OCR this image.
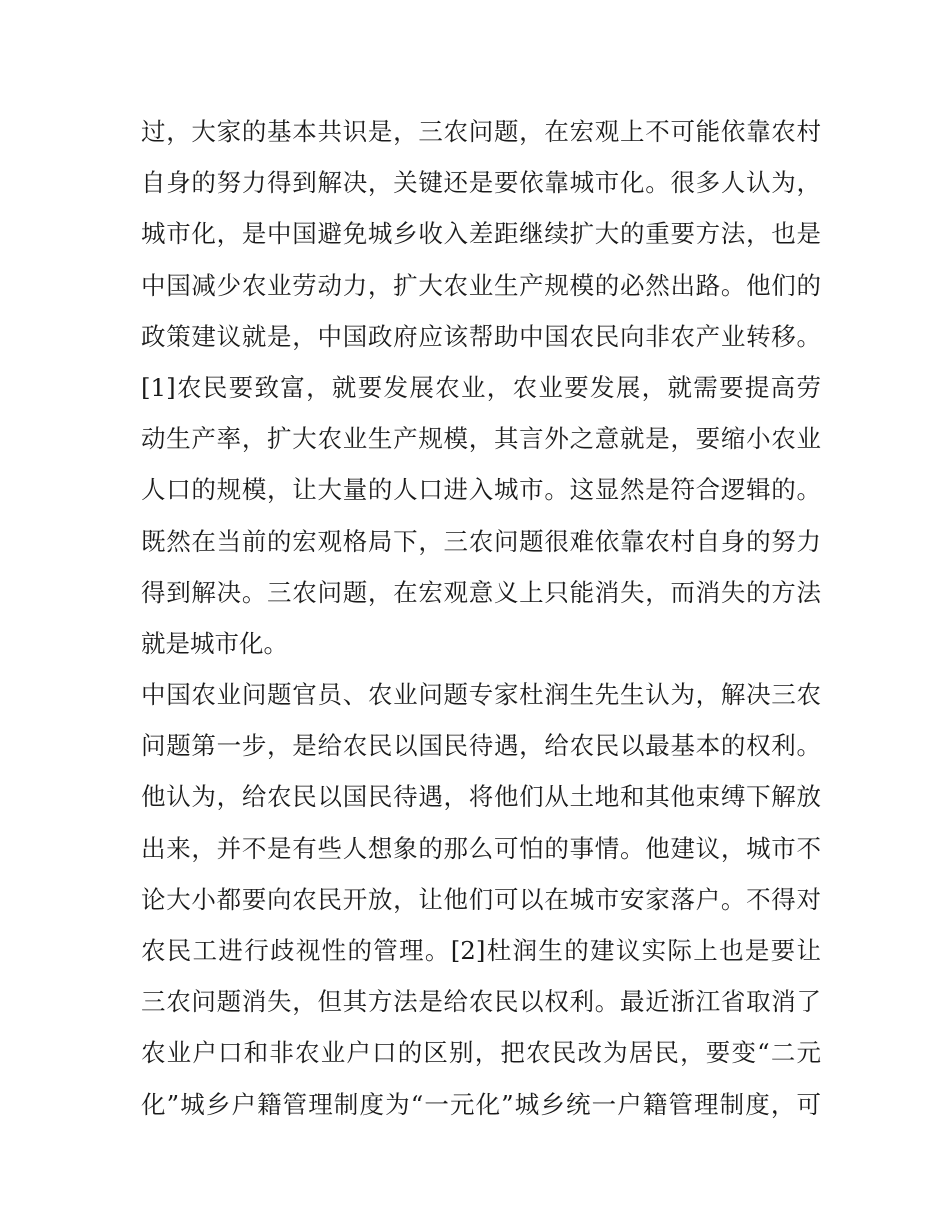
过，大家的基本共识是，三农问题，在宏观上不可能依靠农村
自身的努力得到解决，关键还是要依靠城市化。很多人认为，
城市化，是中国避免城乡收入差距继续扩大的重要方法，也是
中国减少农业劳动力，扩大农业生产规模的必然出路。他们的
政策建议就是，中国政府应该帮助中国农民向非农产业转移。
[1]农民要致富，就要发展农业，农业要发展，就需要提高劳
动生产率，扩大农业生产规模，其言外之意就是，要缩小农业
人口的规模，让大量的人口进入城市。这显然是符合逻辑的。
既然在当前的宏观格局下，三农问题很难依靠农村自身的努力
得到解决。三农问题，在宏观意义上只能消失，而消失的方法
就是城市化。
中国农业问题官员、农业问题专家杜润生先生认为，解决三农
问题第一步，是给农民以国民待遇，给农民以最基本的权利。
他认为，给农民以国民待遇，将他们从土地和其他束缚下解放
出来，并不是有些人想象的那么可怕的事情。他建议，城市不
论大小都要向农民开放，让他们可以在城市安家落户。不得对
农民工进行歧视性的管理。[2]杜润生的建议实际上也是要让
三农问题消失，但其方法是给农民以权利。最近浙江省取消了
农业户口和非农业户口的区别，把农民改为居民，要变“二元
化”城乡户籍管理制度为“一元化”城乡统一户籍管理制度，可
